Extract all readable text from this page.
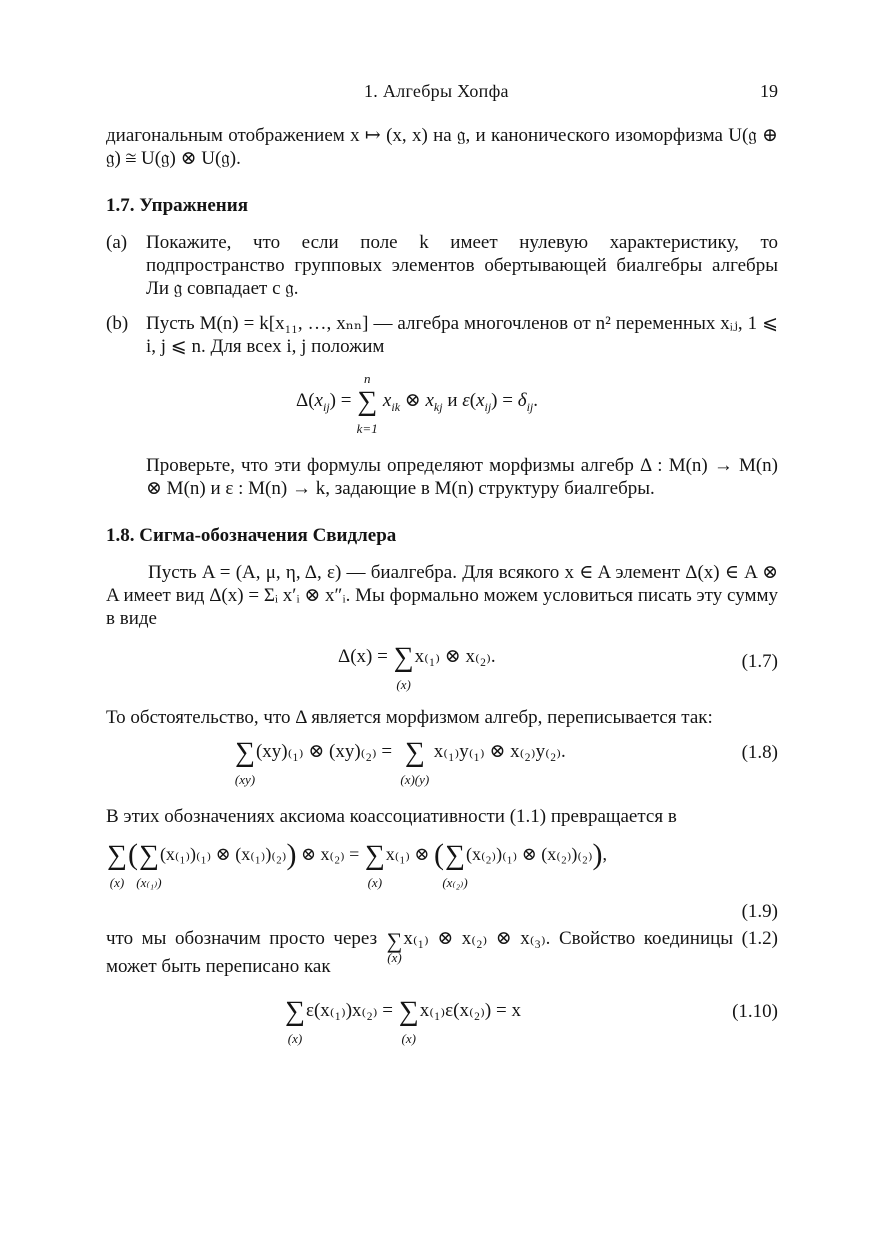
1. Алгебры Хопфа	19

диагональным отображением x ↦ (x, x) на 𝔤, и канонического изоморфизма U(𝔤 ⊕ 𝔤) ≅ U(𝔤) ⊗ U(𝔤).

1.7. Упражнения
(a) Покажите, что если поле k имеет нулевую характеристику, то подпространство групповых элементов обертывающей биалгебры алгебры Ли 𝔤 совпадает с 𝔤.
(b) Пусть M(n) = k[x₁₁, …, xₙₙ] — алгебра многочленов от n² переменных xᵢⱼ, 1 ⩽ i, j ⩽ n. Для всех i, j положим
$\Delta(x_{ij})$ = ∑
n
k=1
$x_{ik}$ ⊗ $x_{kj}$ и $\varepsilon(x_{ij}) = \delta_{ij}$.

Проверьте, что эти формулы определяют морфизмы алгебр Δ : M(n) → M(n) ⊗ M(n) и ε : M(n) → k, задающие в M(n) структуру биалгебры.

1.8. Сигма-обозначения Свидлера

Пусть A = (A, μ, η, Δ, ε) — биалгебра. Для всякого x ∈ A элемент Δ(x) ∈ A ⊗ A имеет вид Δ(x) = Σᵢ x′ᵢ ⊗ x″ᵢ. Мы формально можем условиться писать эту сумму в виде

Δ(x) = ∑
(x)
x₍₁₎ ⊗ x₍₂₎.	(1.7)

То обстоятельство, что Δ является морфизмом алгебр, переписывается так:

∑
(xy)
(xy)₍₁₎ ⊗ (xy)₍₂₎ = ∑
(x)(y)
x₍₁₎y₍₁₎ ⊗ x₍₂₎y₍₂₎.	(1.8)

В этих обозначениях аксиома коассоциативности (1.1) превращается в

∑
(x)
(∑
(x₍₁₎)
(x₍₁₎)₍₁₎ ⊗ (x₍₁₎)₍₂₎) ⊗ x₍₂₎ = ∑
(x)
x₍₁₎ ⊗ (∑
(x₍₂₎)
(x₍₂₎)₍₁₎ ⊗ (x₍₂₎)₍₂₎),
(1.9)

что мы обозначим просто через ∑
(x)
x₍₁₎ ⊗ x₍₂₎ ⊗ x₍₃₎. Свойство коединицы (1.2) может быть переписано как

∑
(x)
ε(x₍₁₎)x₍₂₎ = ∑
(x)
x₍₁₎ε(x₍₂₎) = x	(1.10)
